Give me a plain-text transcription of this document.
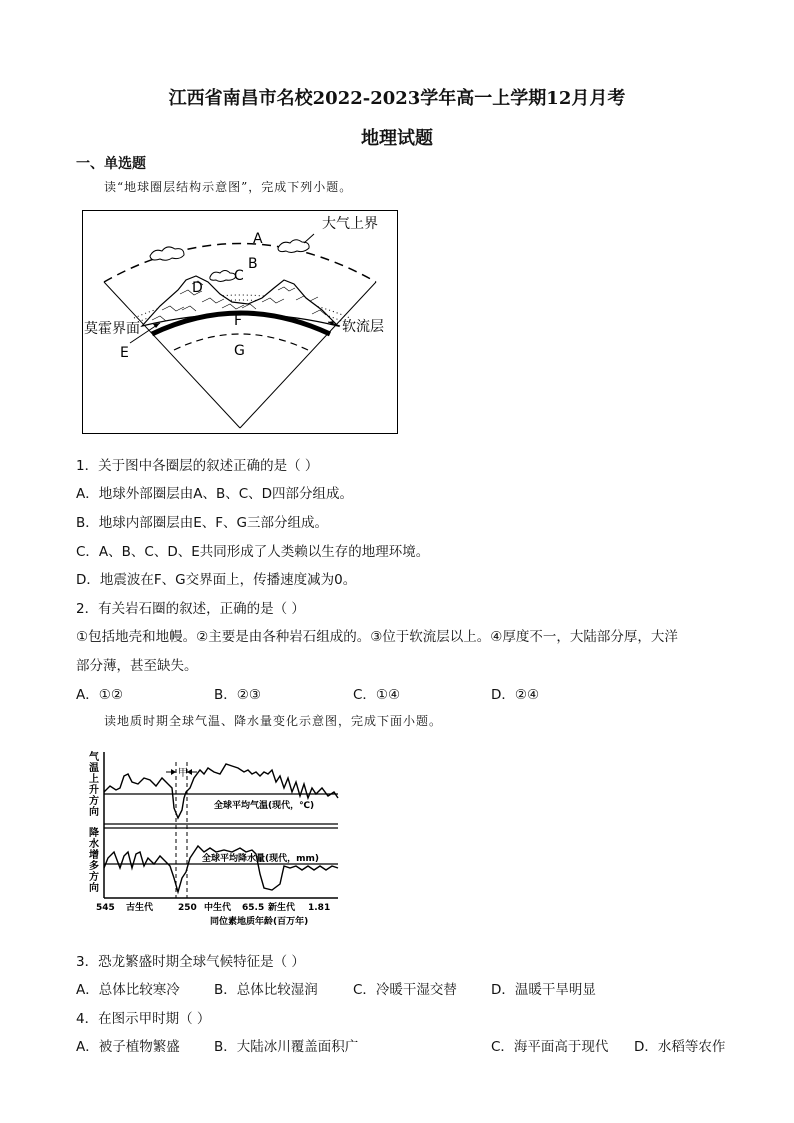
江西省南昌市名校2022-2023学年高一上学期12月月考
地理试题
一、单选题
读“地球圈层结构示意图”，完成下列小题。
A
B
C
D
F
G
E
大气上界
莫霍界面	软流层
1．关于图中各圈层的叙述正确的是（ ）
A．地球外部圈层由A、B、C、D四部分组成。
B．地球内部圈层由E、F、G三部分组成。
C．A、B、C、D、E共同形成了人类赖以生存的地理环境。
D．地震波在F、G交界面上，传播速度减为0。
2．有关岩石圈的叙述，正确的是（ ）
①包括地壳和地幔。②主要是由各种岩石组成的。③位于软流层以上。④厚度不一，大陆部分厚，大洋
部分薄，甚至缺失。
A．①②	B．②③	C．①④	D．②④
读地质时期全球气温、降水量变化示意图，完成下面小题。
气
温
上
升
方
向
降
水
增
多
方
向
甲
全球平均气温(现代，℃)
全球平均降水量(现代，mm)
545 古生代	250 中生代 65.5 新生代 1.81
同位素地质年龄(百万年)
3．恐龙繁盛时期全球气候特征是（ ）
A．总体比较寒冷	B．总体比较湿润	C．冷暖干湿交替	D．温暖干旱明显
4．在图示甲时期（ ）
A．被子植物繁盛	B．大陆冰川覆盖面积广	C．海平面高于现代 D．水稻等农作
